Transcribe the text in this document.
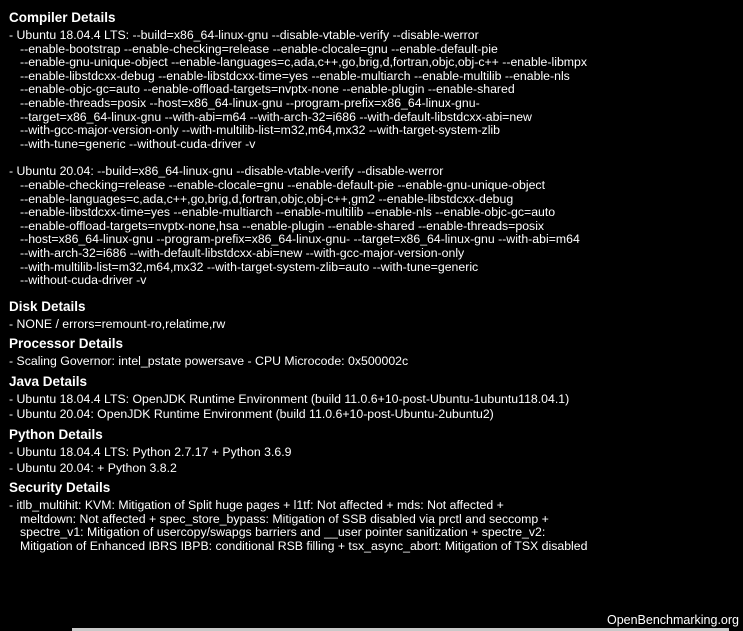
Compiler Details

- Ubuntu 18.04.4 LTS: --build=x86_64-linux-gnu --disable-vtable-verify --disable-werror
--enable-bootstrap --enable-checking=release --enable-clocale=gnu --enable-default-pie
--enable-gnu-unique-object --enable-languages=c,ada,c++,go,brig,d,fortran,objc,obj-c++ --enable-libmpx
--enable-libstdcxx-debug --enable-libstdcxx-time=yes --enable-multiarch --enable-multilib --enable-nls
--enable-objc-gc=auto --enable-offload-targets=nvptx-none --enable-plugin --enable-shared
--enable-threads=posix --host=x86_64-linux-gnu --program-prefix=x86_64-linux-gnu-
--target=x86_64-linux-gnu --with-abi=m64 --with-arch-32=i686 --with-default-libstdcxx-abi=new
--with-gcc-major-version-only --with-multilib-list=m32,m64,mx32 --with-target-system-zlib
--with-tune=generic --without-cuda-driver -v

- Ubuntu 20.04: --build=x86_64-linux-gnu --disable-vtable-verify --disable-werror
--enable-checking=release --enable-clocale=gnu --enable-default-pie --enable-gnu-unique-object
--enable-languages=c,ada,c++,go,brig,d,fortran,objc,obj-c++,gm2 --enable-libstdcxx-debug
--enable-libstdcxx-time=yes --enable-multiarch --enable-multilib --enable-nls --enable-objc-gc=auto
--enable-offload-targets=nvptx-none,hsa --enable-plugin --enable-shared --enable-threads=posix
--host=x86_64-linux-gnu --program-prefix=x86_64-linux-gnu- --target=x86_64-linux-gnu --with-abi=m64
--with-arch-32=i686 --with-default-libstdcxx-abi=new --with-gcc-major-version-only
--with-multilib-list=m32,m64,mx32 --with-target-system-zlib=auto --with-tune=generic
--without-cuda-driver -v

Disk Details

- NONE / errors=remount-ro,relatime,rw

Processor Details

- Scaling Governor: intel_pstate powersave - CPU Microcode: 0x500002c

Java Details

- Ubuntu 18.04.4 LTS: OpenJDK Runtime Environment (build 11.0.6+10-post-Ubuntu-1ubuntu118.04.1)

- Ubuntu 20.04: OpenJDK Runtime Environment (build 11.0.6+10-post-Ubuntu-2ubuntu2)

Python Details

- Ubuntu 18.04.4 LTS: Python 2.7.17 + Python 3.6.9

- Ubuntu 20.04: + Python 3.8.2

Security Details

- itlb_multihit: KVM: Mitigation of Split huge pages + l1tf: Not affected + mds: Not affected +
meltdown: Not affected + spec_store_bypass: Mitigation of SSB disabled via prctl and seccomp +
spectre_v1: Mitigation of usercopy/swapgs barriers and __user pointer sanitization + spectre_v2:
Mitigation of Enhanced IBRS IBPB: conditional RSB filling + tsx_async_abort: Mitigation of TSX disabled

OpenBenchmarking.org
